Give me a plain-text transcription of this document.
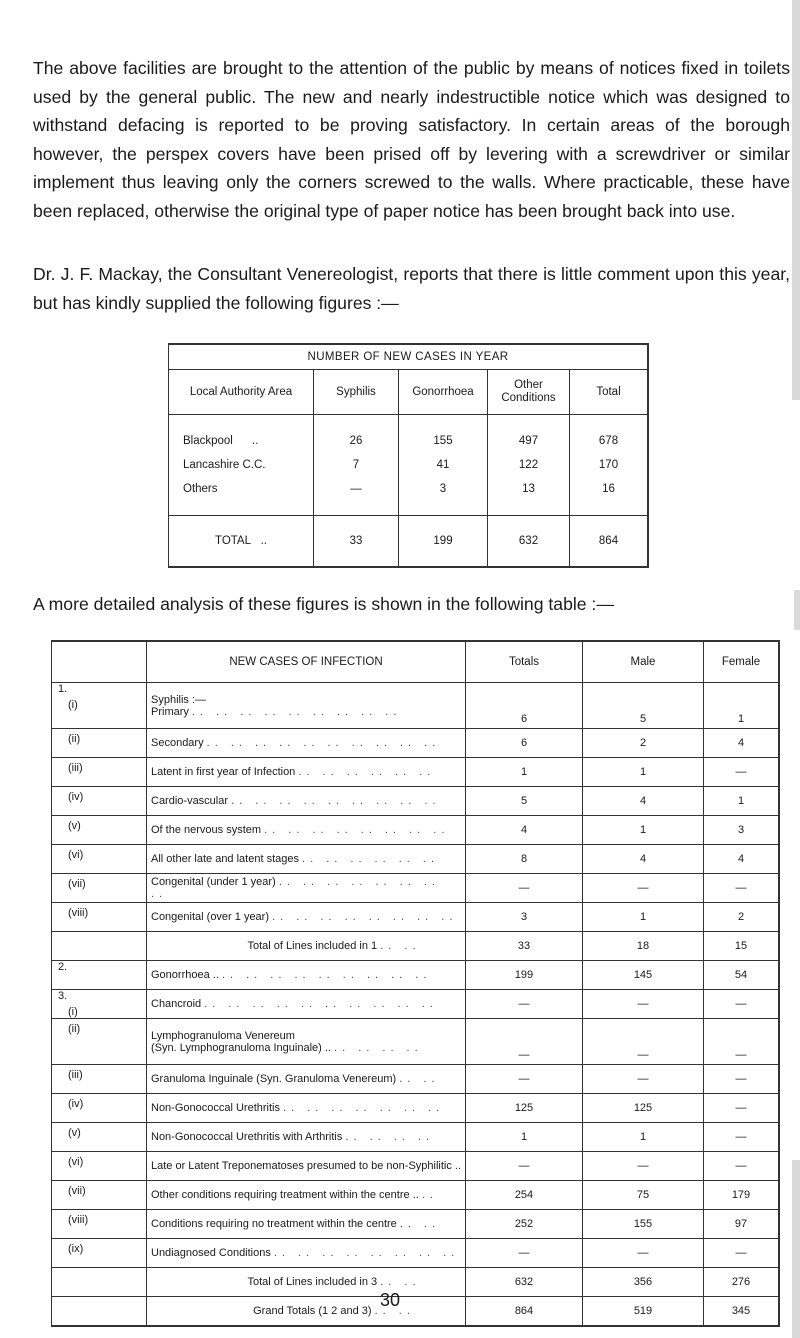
The above facilities are brought to the attention of the public by means of notices fixed in toilets used by the general public. The new and nearly indestructible notice which was designed to withstand defacing is reported to be proving satisfactory. In certain areas of the borough however, the perspex covers have been prised off by levering with a screwdriver or similar implement thus leaving only the corners screwed to the walls. Where practicable, these have been replaced, otherwise the original type of paper notice has been brought back into use.

Dr. J. F. Mackay, the Consultant Venereologist, reports that there is little comment upon this year, but has kindly supplied the following figures :—

NUMBER OF NEW CASES IN YEAR				
Local Authority Area	Syphilis	Gonorrhoea	Other Conditions	Total
Blackpool ..	26	155	497	678
Lancashire C.C.	7	41	122	170
Others	—	3	13	16

TOTAL ..	33	199	632	864

A more detailed analysis of these figures is shown in the following table :—

	NEW CASES OF INFECTION	Totals	Male	Female

1.
(i)	Syphilis :—
Primary .. .. .. .. .. .. .. .. ..	6	5	1

(ii)	Secondary .. .. .. .. .. .. .. .. .. ..	6	2	4

(iii)	Latent in first year of Infection .. .. .. .. .. ..	1	1	—

(iv)	Cardio-vascular .. .. .. .. .. .. .. .. ..	5	4	1

(v)	Of the nervous system .. .. .. .. .. .. .. ..	4	1	3

(vi)	All other late and latent stages .. .. .. .. .. ..	8	4	4

(vii)	Congenital (under 1 year) .. .. .. .. .. .. .. ..	—	—	—

(viii)	Congenital (over 1 year) .. .. .. .. .. .. .. ..	3	1	2

	Total of Lines included in 1 .. ..	33	18	15

2.	Gonorrhoea .. .. .. .. .. .. .. .. .. ..	199	145	54

3.
(i)	Chancroid .. .. .. .. .. .. .. .. .. ..	—	—	—

(ii)	Lymphogranuloma Venereum
(Syn. Lymphogranuloma Inguinale) .. .. .. .. ..	—	—	—

(iii)	Granuloma Inguinale (Syn. Granuloma Venereum) .. ..	—	—	—

(iv)	Non-Gonococcal Urethritis .. .. .. .. .. .. ..	125	125	—

(v)	Non-Gonococcal Urethritis with Arthritis .. .. .. ..	1	1	—

(vi)	Late or Latent Treponematoses presumed to be non-Syphilitic ..	—	—	—

(vii)	Other conditions requiring treatment within the centre .. ..	254	75	179

(viii)	Conditions requiring no treatment within the centre .. ..	252	155	97

(ix)	Undiagnosed Conditions .. .. .. .. .. .. .. ..	—	—	—

	Total of Lines included in 3 .. ..	632	356	276

	Grand Totals (1 2 and 3) .. ..	864	519	345
30
